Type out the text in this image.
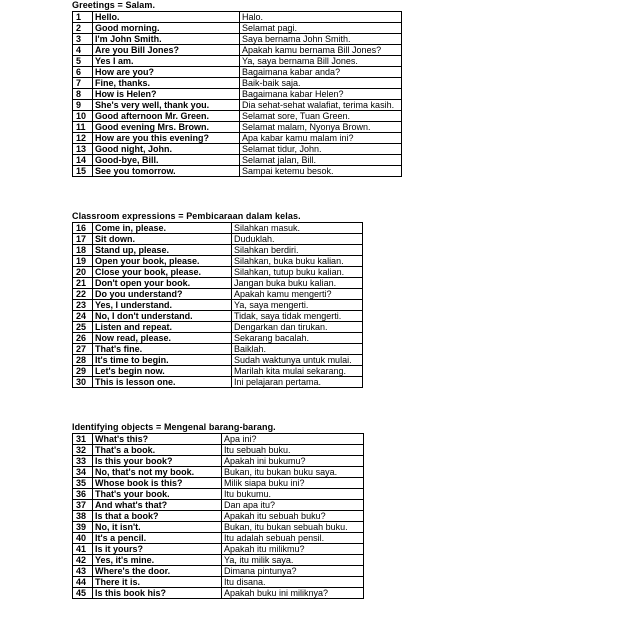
Greetings = Salam.
1	Hello.	Halo.
2	Good morning.	Selamat pagi.
3	I'm John Smith.	Saya bernama John Smith.
4	Are you Bill Jones?	Apakah kamu bernama Bill Jones?
5	Yes I am.	Ya, saya bernama Bill Jones.
6	How are you?	Bagaimana kabar anda?
7	Fine, thanks.	Baik-baik saja.
8	How is Helen?	Bagaimana kabar Helen?
9	She's very well, thank you.	Dia sehat-sehat walafiat, terima kasih.
10	Good afternoon Mr. Green.	Selamat sore, Tuan Green.
11	Good evening Mrs. Brown.	Selamat malam, Nyonya Brown.
12	How are you this evening?	Apa kabar kamu malam ini?
13	Good night, John.	Selamat tidur, John.
14	Good-bye, Bill.	Selamat jalan, Bill.
15	See you tomorrow.	Sampai ketemu besok.
Classroom expressions = Pembicaraan dalam kelas.
16	Come in, please.	Silahkan masuk.
17	Sit down.	Duduklah.
18	Stand up, please.	Silahkan berdiri.
19	Open your book, please.	Silahkan, buka buku kalian.
20	Close your book, please.	Silahkan, tutup buku kalian.
21	Don't open your book.	Jangan buka buku kalian.
22	Do you understand?	Apakah kamu mengerti?
23	Yes, I understand.	Ya, saya mengerti.
24	No, I don't understand.	Tidak, saya tidak mengerti.
25	Listen and repeat.	Dengarkan dan tirukan.
26	Now read, please.	Sekarang bacalah.
27	That's fine.	Baiklah.
28	It's time to begin.	Sudah waktunya untuk mulai.
29	Let's begin now.	Marilah kita mulai sekarang.
30	This is lesson one.	Ini pelajaran pertama.
Identifying objects = Mengenal barang-barang.
31	What's this?	Apa ini?
32	That's a book.	Itu sebuah buku.
33	Is this your book?	Apakah ini bukumu?
34	No, that's not my book.	Bukan, itu bukan buku saya.
35	Whose book is this?	Milik siapa buku ini?
36	That's your book.	Itu bukumu.
37	And what's that?	Dan apa itu?
38	Is that a book?	Apakah itu sebuah buku?
39	No, it isn't.	Bukan, itu bukan sebuah buku.
40	It's a pencil.	Itu adalah sebuah pensil.
41	Is it yours?	Apakah itu milikmu?
42	Yes, it's mine.	Ya, itu milik saya.
43	Where's the door.	Dimana pintunya?
44	There it is.	Itu disana.
45	Is this book his?	Apakah buku ini miliknya?
